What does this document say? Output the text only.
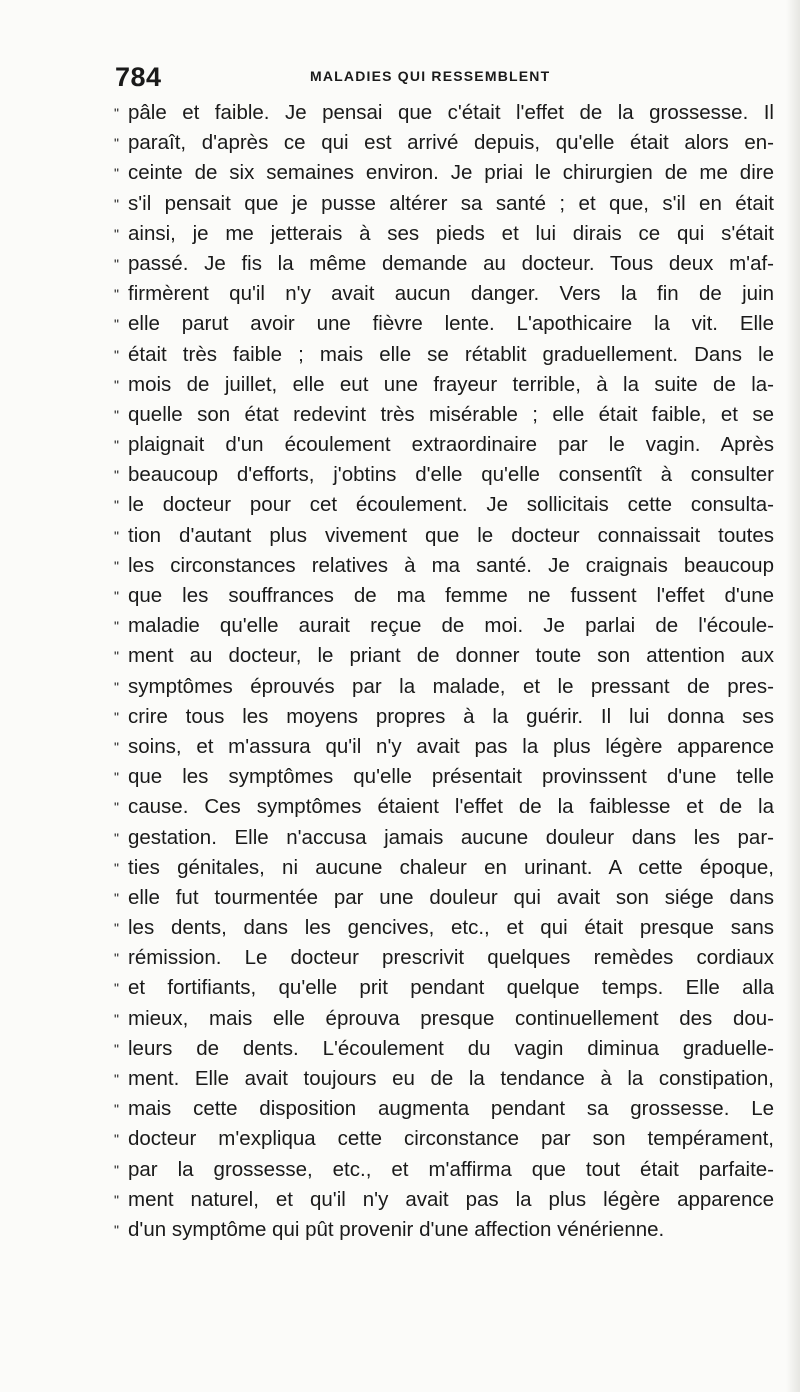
784	MALADIES QUI RESSEMBLENT
" pâle et faible. Je pensai que c'était l'effet de la grossesse. Il
" paraît, d'après ce qui est arrivé depuis, qu'elle était alors en-
" ceinte de six semaines environ. Je priai le chirurgien de me dire
" s'il pensait que je pusse altérer sa santé ; et que, s'il en était
" ainsi, je me jetterais à ses pieds et lui dirais ce qui s'était
" passé. Je fis la même demande au docteur. Tous deux m'af-
" firmèrent qu'il n'y avait aucun danger. Vers la fin de juin
" elle parut avoir une fièvre lente. L'apothicaire la vit. Elle
" était très faible ; mais elle se rétablit graduellement. Dans le
" mois de juillet, elle eut une frayeur terrible, à la suite de la-
" quelle son état redevint très misérable ; elle était faible, et se
" plaignait d'un écoulement extraordinaire par le vagin. Après
" beaucoup d'efforts, j'obtins d'elle qu'elle consentît à consulter
" le docteur pour cet écoulement. Je sollicitais cette consulta-
" tion d'autant plus vivement que le docteur connaissait toutes
" les circonstances relatives à ma santé. Je craignais beaucoup
" que les souffrances de ma femme ne fussent l'effet d'une
" maladie qu'elle aurait reçue de moi. Je parlai de l'écoule-
" ment au docteur, le priant de donner toute son attention aux
" symptômes éprouvés par la malade, et le pressant de pres-
" crire tous les moyens propres à la guérir. Il lui donna ses
" soins, et m'assura qu'il n'y avait pas la plus légère apparence
" que les symptômes qu'elle présentait provinssent d'une telle
" cause. Ces symptômes étaient l'effet de la faiblesse et de la
" gestation. Elle n'accusa jamais aucune douleur dans les par-
" ties génitales, ni aucune chaleur en urinant. A cette époque,
" elle fut tourmentée par une douleur qui avait son siége dans
" les dents, dans les gencives, etc., et qui était presque sans
" rémission. Le docteur prescrivit quelques remèdes cordiaux
" et fortifiants, qu'elle prit pendant quelque temps. Elle alla
" mieux, mais elle éprouva presque continuellement des dou-
" leurs de dents. L'écoulement du vagin diminua graduelle-
" ment. Elle avait toujours eu de la tendance à la constipation,
" mais cette disposition augmenta pendant sa grossesse. Le
" docteur m'expliqua cette circonstance par son tempérament,
" par la grossesse, etc., et m'affirma que tout était parfaite-
" ment naturel, et qu'il n'y avait pas la plus légère apparence
" d'un symptôme qui pût provenir d'une affection vénérienne.
